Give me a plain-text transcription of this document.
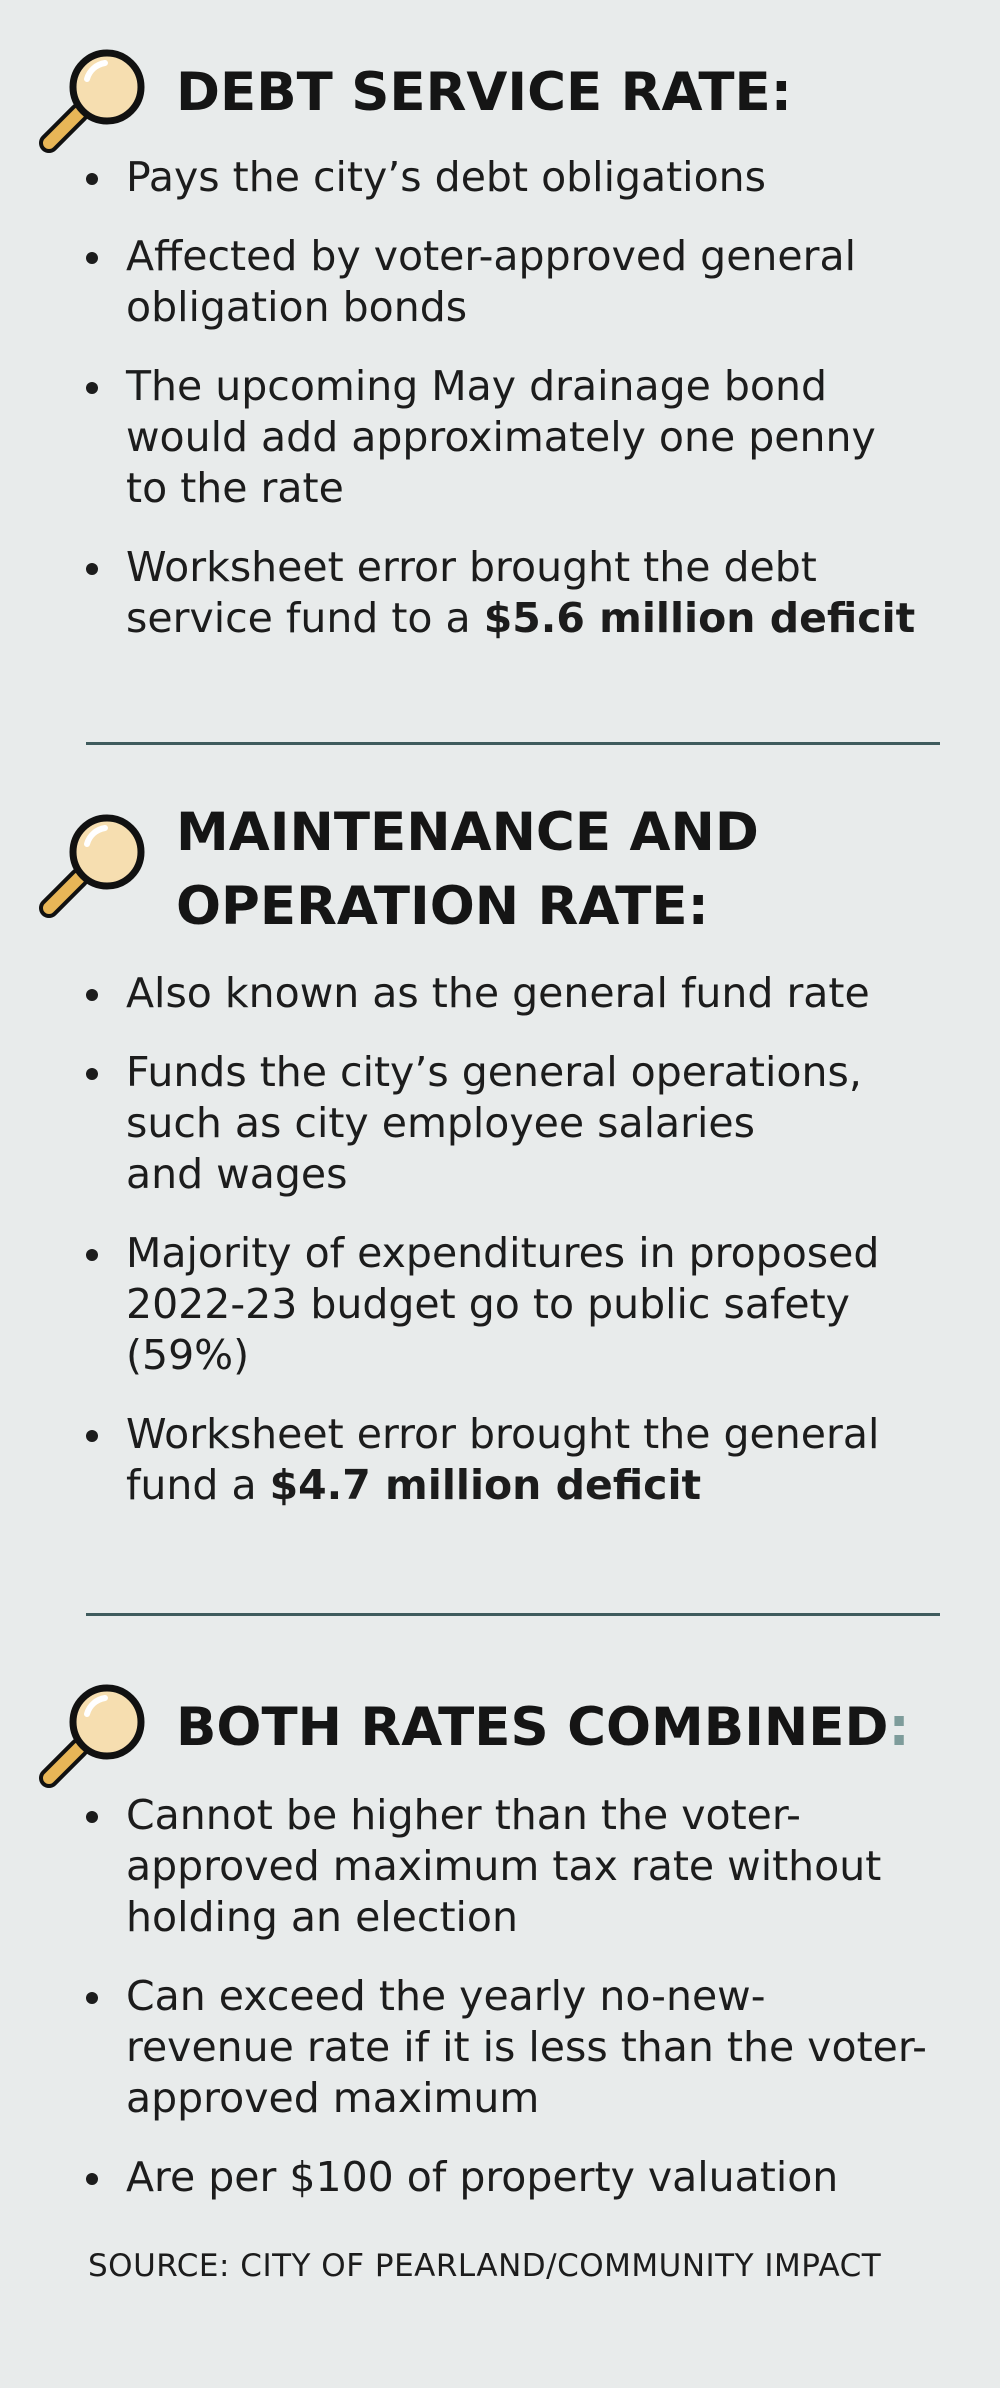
DEBT SERVICE RATE:
Pays the city’s debt obligations
Affected by voter-approved general
obligation bonds
The upcoming May drainage bond
would add approximately one penny
to the rate
Worksheet error brought the debt
service fund to a $5.6 million deficit
MAINTENANCE AND
OPERATION RATE:
Also known as the general fund rate
Funds the city’s general operations,
such as city employee salaries
and wages
Majority of expenditures in proposed
2022-23 budget go to public safety
(59%)
Worksheet error brought the general
fund a $4.7 million deficit
BOTH RATES COMBINED:
Cannot be higher than the voter-
approved maximum tax rate without
holding an election
Can exceed the yearly no-new-
revenue rate if it is less than the voter-
approved maximum
Are per $100 of property valuation
SOURCE: CITY OF PEARLAND/COMMUNITY IMPACT
